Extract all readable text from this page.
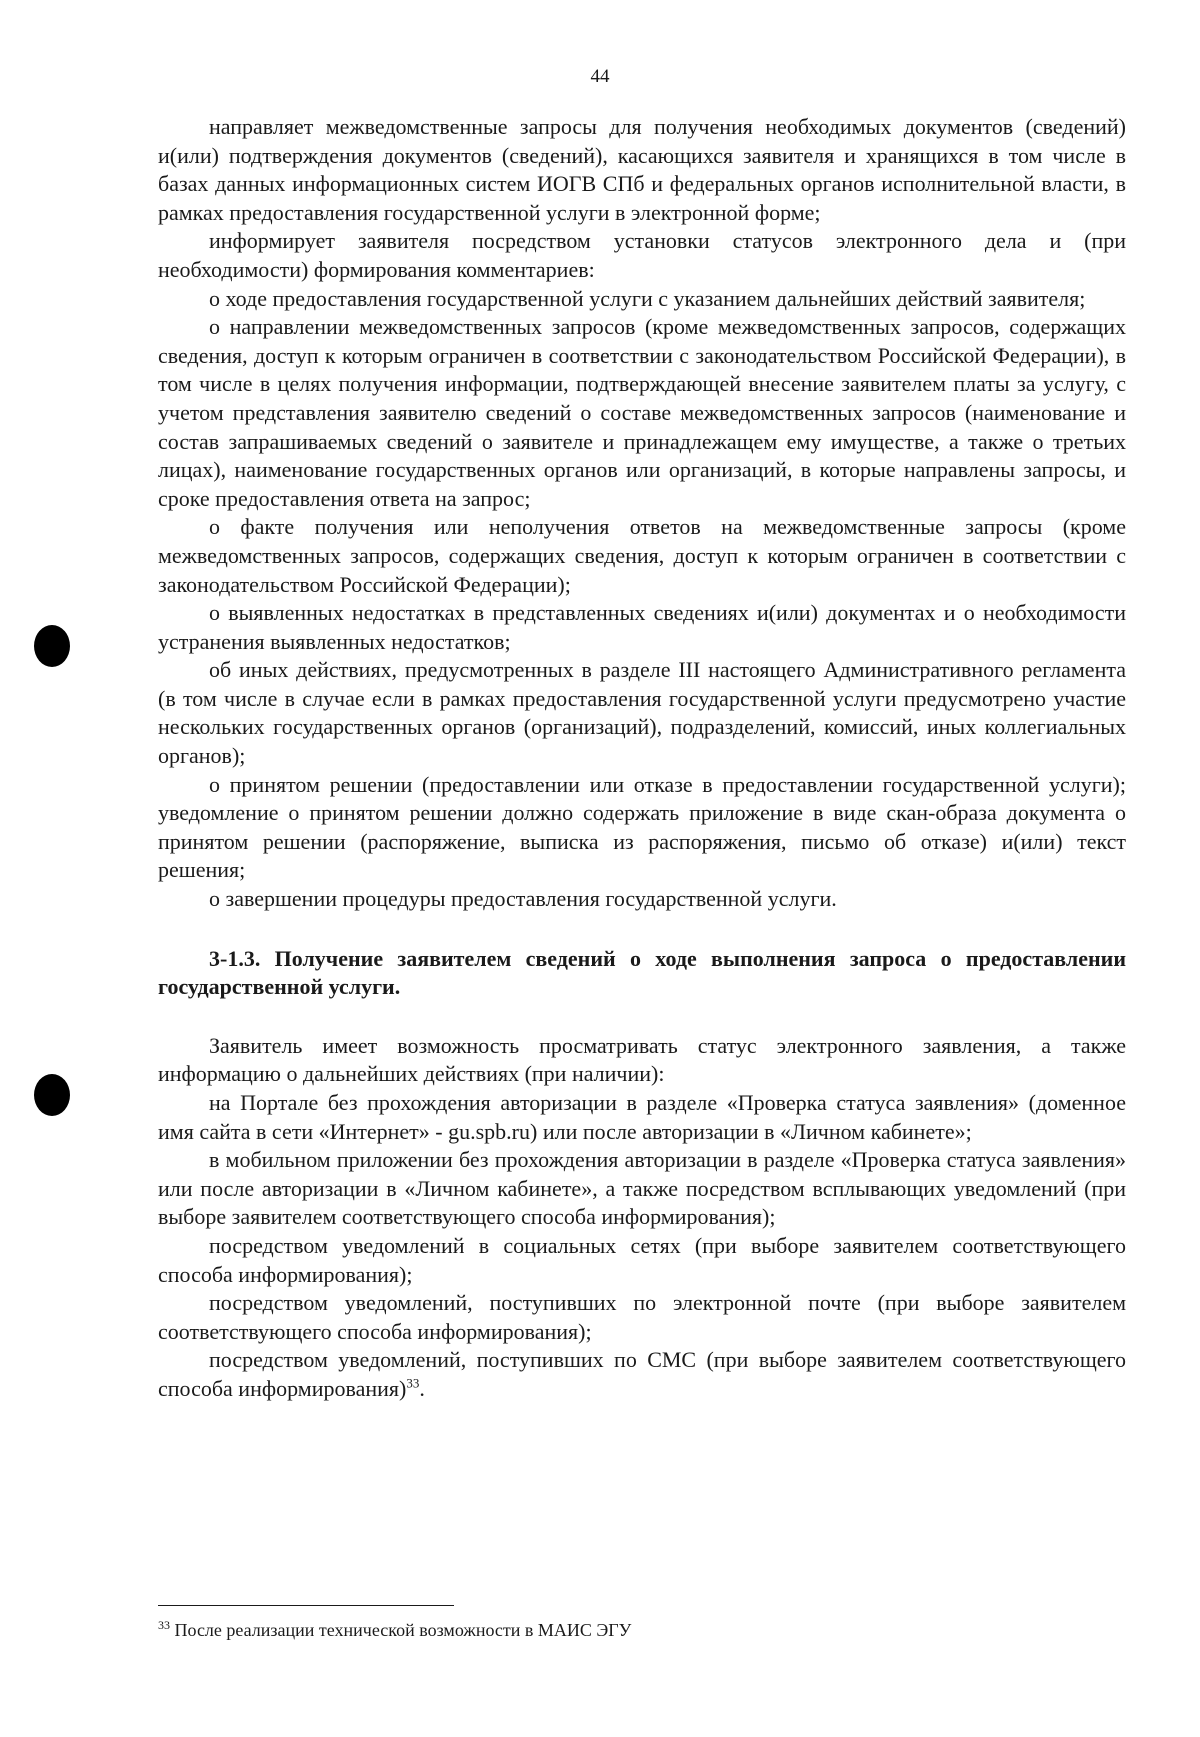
44

направляет межведомственные запросы для получения необходимых документов (сведений) и(или) подтверждения документов (сведений), касающихся заявителя и хранящихся в том числе в базах данных информационных систем ИОГВ СПб и федеральных органов исполнительной власти, в рамках предоставления государственной услуги в электронной форме;

информирует заявителя посредством установки статусов электронного дела и (при необходимости) формирования комментариев:

о ходе предоставления государственной услуги с указанием дальнейших действий заявителя;

о направлении межведомственных запросов (кроме межведомственных запросов, содержащих сведения, доступ к которым ограничен в соответствии с законодательством Российской Федерации), в том числе в целях получения информации, подтверждающей внесение заявителем платы за услугу, с учетом представления заявителю сведений о составе межведомственных запросов (наименование и состав запрашиваемых сведений о заявителе и принадлежащем ему имуществе, а также о третьих лицах), наименование государственных органов или организаций, в которые направлены запросы, и сроке предоставления ответа на запрос;

о факте получения или неполучения ответов на межведомственные запросы (кроме межведомственных запросов, содержащих сведения, доступ к которым ограничен в соответствии с законодательством Российской Федерации);

о выявленных недостатках в представленных сведениях и(или) документах и о необходимости устранения выявленных недостатков;

об иных действиях, предусмотренных в разделе III настоящего Административного регламента (в том числе в случае если в рамках предоставления государственной услуги предусмотрено участие нескольких государственных органов (организаций), подразделений, комиссий, иных коллегиальных органов);

о принятом решении (предоставлении или отказе в предоставлении государственной услуги); уведомление о принятом решении должно содержать приложение в виде скан-образа документа о принятом решении (распоряжение, выписка из распоряжения, письмо об отказе) и(или) текст решения;

о завершении процедуры предоставления государственной услуги.

3-1.3. Получение заявителем сведений о ходе выполнения запроса о предоставлении государственной услуги.

Заявитель имеет возможность просматривать статус электронного заявления, а также информацию о дальнейших действиях (при наличии):

на Портале без прохождения авторизации в разделе «Проверка статуса заявления» (доменное имя сайта в сети «Интернет» - gu.spb.ru) или после авторизации в «Личном кабинете»;

в мобильном приложении без прохождения авторизации в разделе «Проверка статуса заявления» или после авторизации в «Личном кабинете», а также посредством всплывающих уведомлений (при выборе заявителем соответствующего способа информирования);

посредством уведомлений в социальных сетях (при выборе заявителем соответствующего способа информирования);

посредством уведомлений, поступивших по электронной почте (при выборе заявителем соответствующего способа информирования);

посредством уведомлений, поступивших по СМС (при выборе заявителем соответствующего способа информирования)$^{33}$.

$^{33}$ После реализации технической возможности в МАИС ЭГУ
